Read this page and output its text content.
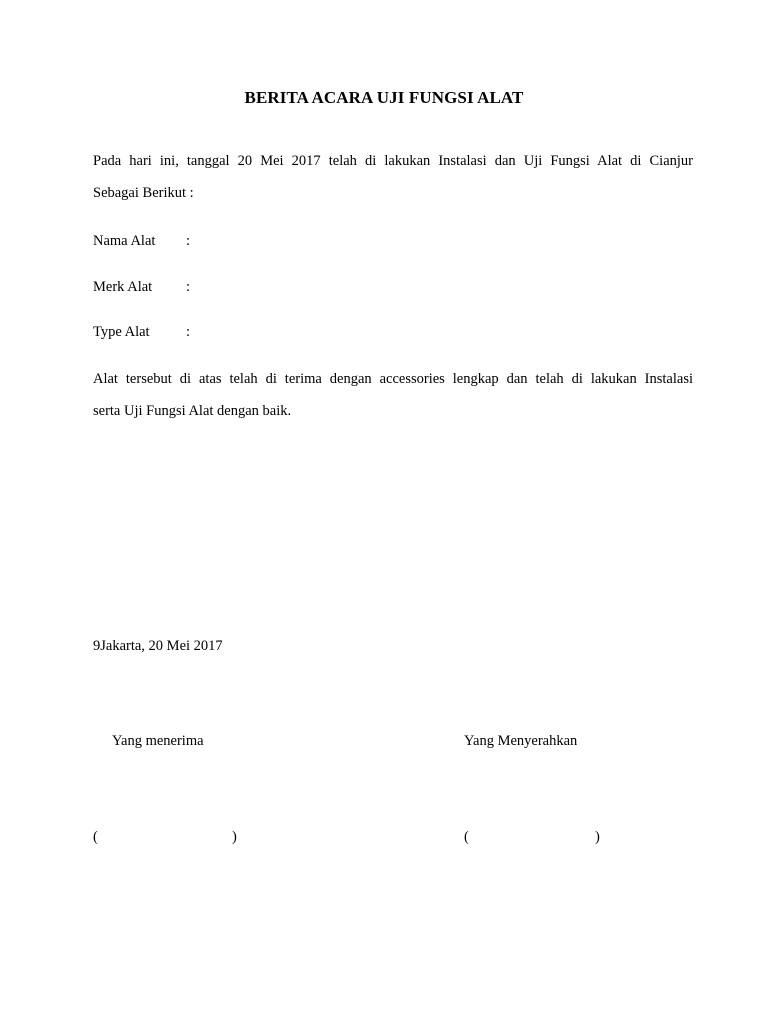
BERITA ACARA UJI FUNGSI ALAT
Pada hari ini, tanggal 20 Mei 2017 telah di lakukan Instalasi dan Uji Fungsi Alat di Cianjur
Sebagai Berikut :
Nama Alat :
Merk Alat :
Type Alat	:
Alat tersebut di atas telah di terima dengan accessories lengkap dan telah di lakukan Instalasi
serta Uji Fungsi Alat dengan baik.
9Jakarta, 20 Mei 2017
Yang menerima	Yang Menyerahkan
(	)	(	)
